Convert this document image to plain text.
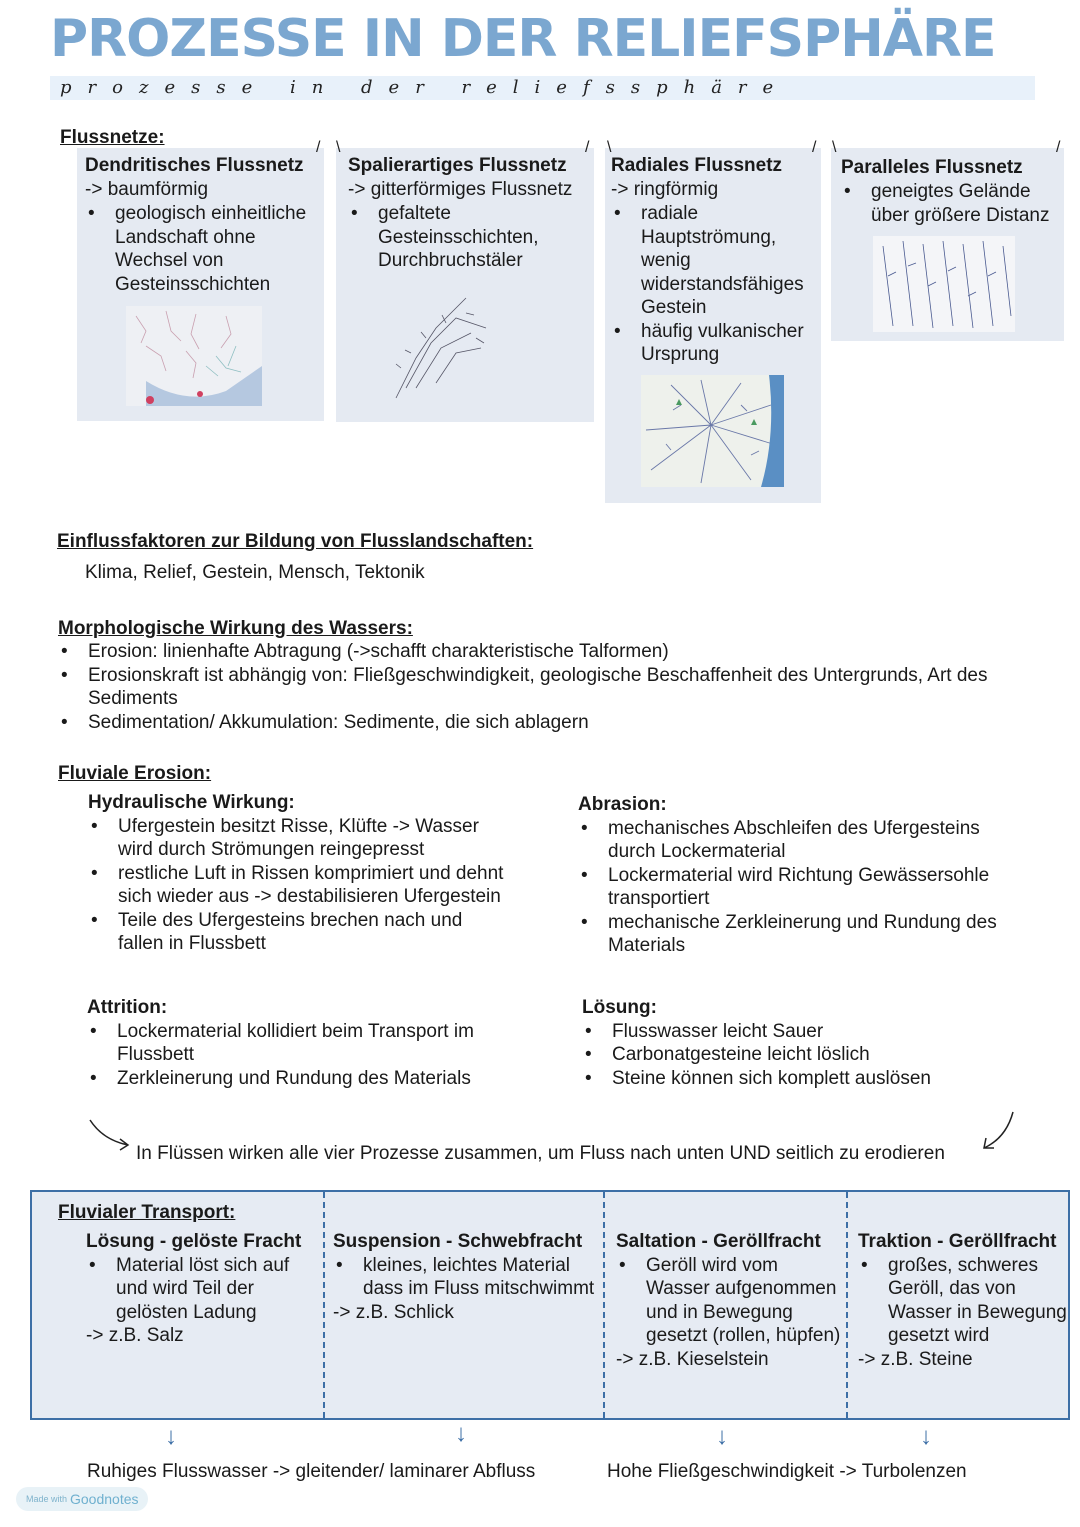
PROZESSE IN DER RELIEFSPHÄRE
prozesse in der reliefssphäre
Flussnetze:
Dendritisches Flussnetz
-> baumförmig
• geologisch einheitliche Landschaft ohne Wechsel von Gesteinsschichten
/ \
Spalierartiges Flussnetz
-> gitterförmiges Flussnetz
• gefaltete Gesteinsschichten, Durchbruchstäler
/ \
Radiales Flussnetz
-> ringförmig
• radiale Hauptströmung, wenig widerstandsfähiges Gestein
• häufig vulkanischer Ursprung
/ \
Paralleles Flussnetz
• geneigtes Gelände über größere Distanz
/
Einflussfaktoren zur Bildung von Flusslandschaften:
Klima, Relief, Gestein, Mensch, Tektonik
Morphologische Wirkung des Wassers:
• Erosion: linienhafte Abtragung (->schafft charakteristische Talformen)
• Erosionskraft ist abhängig von: Fließgeschwindigkeit, geologische Beschaffenheit des Untergrunds, Art des Sediments
• Sedimentation/ Akkumulation: Sedimente, die sich ablagern
Fluviale Erosion:
Hydraulische Wirkung:
• Ufergestein besitzt Risse, Klüfte -> Wasser wird durch Strömungen reingepresst
• restliche Luft in Rissen komprimiert und dehnt sich wieder aus -> destabilisieren Ufergestein
• Teile des Ufergesteins brechen nach und fallen in Flussbett
Abrasion:
• mechanisches Abschleifen des Ufergesteins durch Lockermaterial
• Lockermaterial wird Richtung Gewässersohle transportiert
• mechanische Zerkleinerung und Rundung des Materials
Attrition:
• Lockermaterial kollidiert beim Transport im Flussbett
• Zerkleinerung und Rundung des Materials
Lösung:
• Flusswasser leicht Sauer
• Carbonatgesteine leicht löslich
• Steine können sich komplett auslösen
In Flüssen wirken alle vier Prozesse zusammen, um Fluss nach unten UND seitlich zu erodieren
Fluvialer Transport:
Lösung - gelöste Fracht
• Material löst sich auf und wird Teil der gelösten Ladung
-> z.B. Salz
Suspension - Schwebfracht
• kleines, leichtes Material dass im Fluss mitschwimmt
-> z.B. Schlick
Saltation - Geröllfracht
• Geröll wird vom Wasser aufgenommen und in Bewegung gesetzt (rollen, hüpfen)
-> z.B. Kieselstein
Traktion - Geröllfracht
• großes, schweres Geröll, das von Wasser in Bewegung gesetzt wird
-> z.B. Steine
↓	↓	↓	↓
Ruhiges Flusswasser -> gleitender/ laminarer Abfluss	Hohe Fließgeschwindigkeit -> Turbolenzen
Made with Goodnotes
